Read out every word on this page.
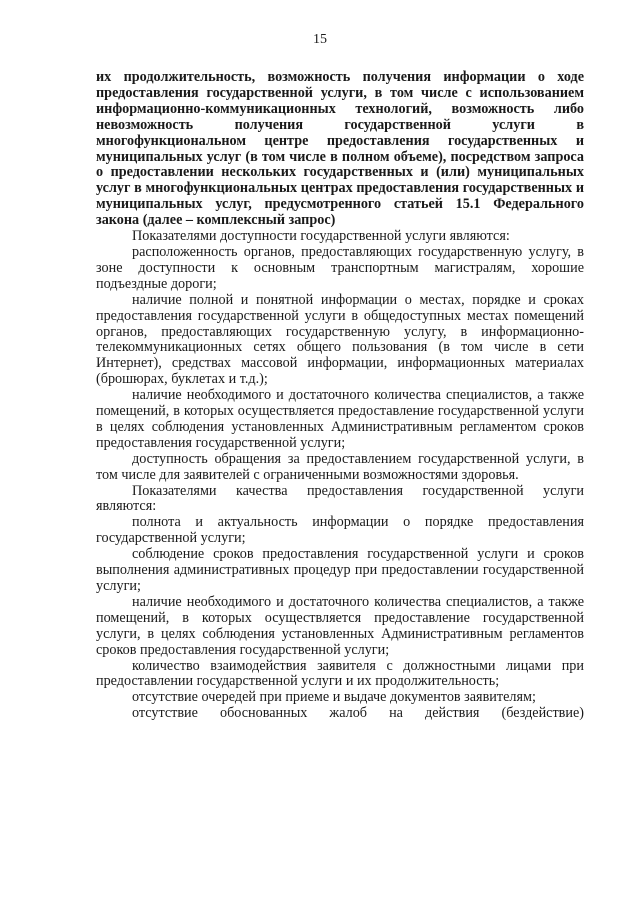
15

их продолжительность, возможность получения информации о ходе предоставления государственной услуги, в том числе с использованием информационно-коммуникационных технологий, возможность либо невозможность получения государственной услуги в многофункциональном центре предоставления государственных и муниципальных услуг (в том числе в полном объеме), посредством запроса о предоставлении нескольких государственных и (или) муниципальных услуг в многофункциональных центрах предоставления государственных и муниципальных услуг, предусмотренного статьей 15.1 Федерального закона (далее – комплексный запрос)

Показателями доступности государственной услуги являются:

расположенность органов, предоставляющих государственную услугу, в зоне доступности к основным транспортным магистралям, хорошие подъездные дороги;

наличие полной и понятной информации о местах, порядке и сроках предоставления государственной услуги в общедоступных местах помещений органов, предоставляющих государственную услугу, в информационно-телекоммуникационных сетях общего пользования (в том числе в сети Интернет), средствах массовой информации, информационных материалах (брошюрах, буклетах и т.д.);

наличие необходимого и достаточного количества специалистов, а также помещений, в которых осуществляется предоставление государственной услуги в целях соблюдения установленных Административным регламентом сроков предоставления государственной услуги;

доступность обращения за предоставлением государственной услуги, в том числе для заявителей с ограниченными возможностями здоровья.

Показателями качества предоставления государственной услуги являются:

полнота и актуальность информации о порядке предоставления государственной услуги;

соблюдение сроков предоставления государственной услуги и сроков выполнения административных процедур при предоставлении государственной услуги;

наличие необходимого и достаточного количества специалистов, а также помещений, в которых осуществляется предоставление государственной услуги, в целях соблюдения установленных Административным регламентов сроков предоставления государственной услуги;

количество взаимодействия заявителя с должностными лицами при предоставлении государственной услуги и их продолжительность;

отсутствие очередей при приеме и выдаче документов заявителям;

отсутствие обоснованных жалоб на действия (бездействие)
